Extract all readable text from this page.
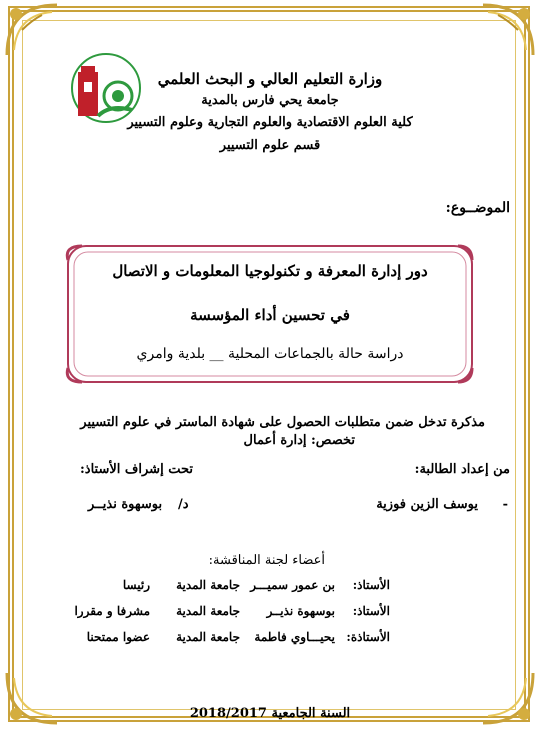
وزارة التعليم العالي و البحث العلمي
جامعة يحي فارس بالمدية
كلية العلوم الاقتصادية والعلوم التجارية وعلوم التسيير
قسم علوم التسيير
الموضــوع:
دور إدارة المعرفة و تكنولوجيا المعلومات و الاتصال
في تحسين أداء المؤسسة
دراسة حالة بالجماعات المحلية __ بلدية وامري
مذكرة تدخل ضمن متطلبات الحصول على شهادة الماستر في علوم التسيير
تخصص: إدارة أعمال
من إعداد الطالبة:
تحت إشراف الأستاذ:
-
يوسف الزين فوزية
د/
بوسهوة نذيــر
أعضاء لجنة المناقشة:
الأستاذ:
بن عمور سميـــر
جامعة المدية
رئيسا
الأستاذ:
بوسهوة نذيــر
جامعة المدية
مشرفا و مقررا
الأستاذة:
يحيـــاوي فاطمة
جامعة المدية
عضوا ممتحنا
السنة الجامعية 2018/2017
